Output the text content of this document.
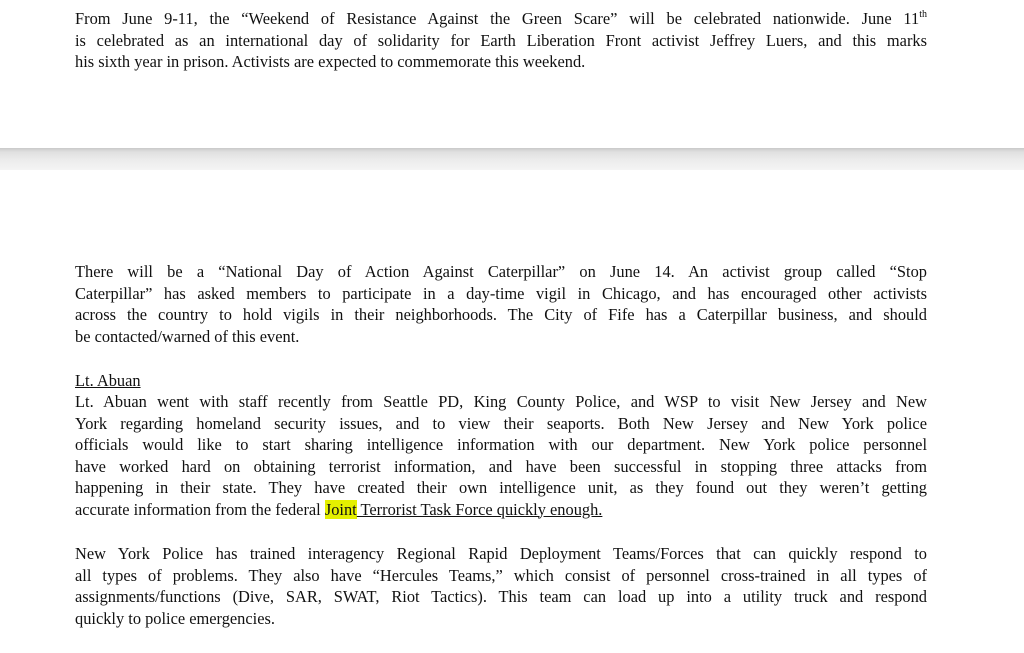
From June 9-11, the “Weekend of Resistance Against the Green Scare” will be celebrated nationwide. June 11th
is celebrated as an international day of solidarity for Earth Liberation Front activist Jeffrey Luers, and this marks
his sixth year in prison. Activists are expected to commemorate this weekend.
There will be a “National Day of Action Against Caterpillar” on June 14. An activist group called “Stop
Caterpillar” has asked members to participate in a day-time vigil in Chicago, and has encouraged other activists
across the country to hold vigils in their neighborhoods. The City of Fife has a Caterpillar business, and should
be contacted/warned of this event.

Lt. Abuan

Lt. Abuan went with staff recently from Seattle PD, King County Police, and WSP to visit New Jersey and New
York regarding homeland security issues, and to view their seaports. Both New Jersey and New York police
officials would like to start sharing intelligence information with our department. New York police personnel
have worked hard on obtaining terrorist information, and have been successful in stopping three attacks from
happening in their state. They have created their own intelligence unit, as they found out they weren’t getting
accurate information from the federal Joint Terrorist Task Force quickly enough.
New York Police has trained interagency Regional Rapid Deployment Teams/Forces that can quickly respond to
all types of problems. They also have “Hercules Teams,” which consist of personnel cross-trained in all types of
assignments/functions (Dive, SAR, SWAT, Riot Tactics). This team can load up into a utility truck and respond
quickly to police emergencies.
